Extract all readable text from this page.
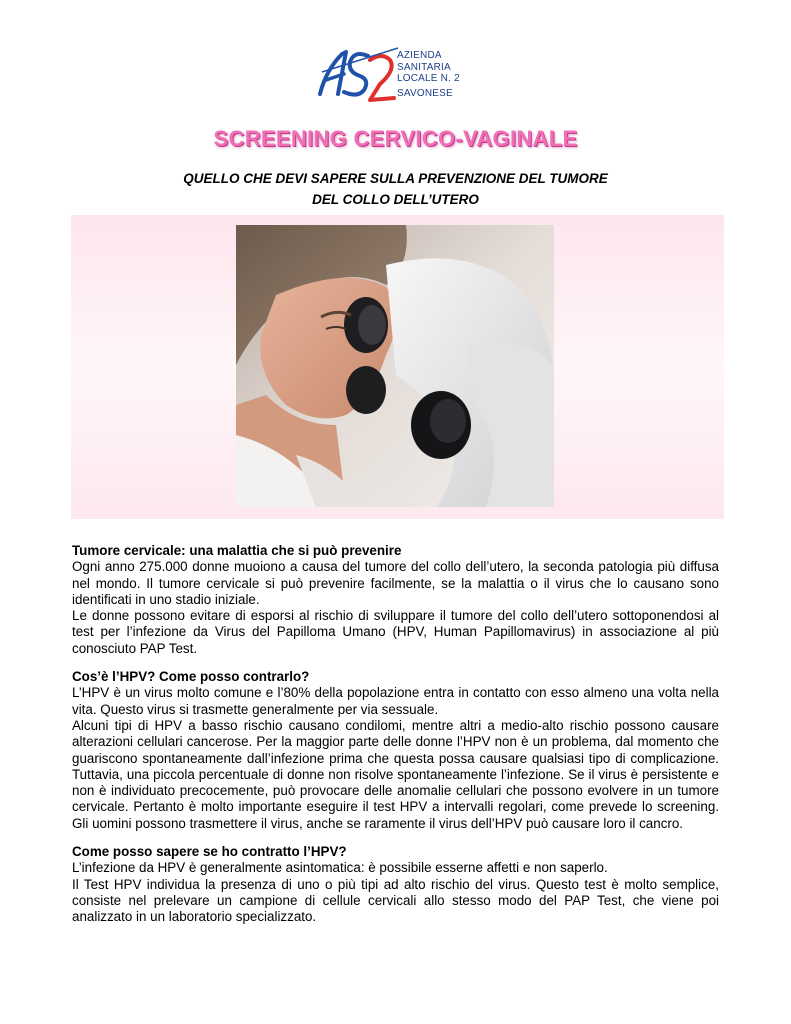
AZIENDA
SANITARIA
LOCALE N. 2
SAVONESE
SCREENING CERVICO-VAGINALE
QUELLO CHE DEVI SAPERE SULLA PREVENZIONE DEL TUMORE
DEL COLLO DELL’UTERO
Tumore cervicale: una malattia che si può prevenire

Ogni anno 275.000 donne muoiono a causa del tumore del collo dell’utero, la seconda patologia più diffusa nel mondo. Il tumore cervicale si può prevenire facilmente, se la malattia o il virus che lo causano sono identificati in uno stadio iniziale.

Le donne possono evitare di esporsi al rischio di sviluppare il tumore del collo dell’utero sottoponendosi al test per l’infezione da Virus del Papilloma Umano (HPV, Human Papillomavirus) in associazione al più conosciuto PAP Test.

Cos’è l’HPV? Come posso contrarlo?

L’HPV è un virus molto comune e l’80% della popolazione entra in contatto con esso almeno una volta nella vita. Questo virus si trasmette generalmente per via sessuale.

Alcuni tipi di HPV a basso rischio causano condilomi, mentre altri a medio-alto rischio possono causare alterazioni cellulari cancerose. Per la maggior parte delle donne l’HPV non è un problema, dal momento che guariscono spontaneamente dall’infezione prima che questa possa causare qualsiasi tipo di complicazione. Tuttavia, una piccola percentuale di donne non risolve spontaneamente l’infezione. Se il virus è persistente e non è individuato precocemente, può provocare delle anomalie cellulari che possono evolvere in un tumore cervicale. Pertanto è molto importante eseguire il test HPV a intervalli regolari, come prevede lo screening. Gli uomini possono trasmettere il virus, anche se raramente il virus dell’HPV può causare loro il cancro.

Come posso sapere se ho contratto l’HPV?

L’infezione da HPV è generalmente asintomatica: è possibile esserne affetti e non saperlo.

Il Test HPV individua la presenza di uno o più tipi ad alto rischio del virus. Questo test è molto semplice, consiste nel prelevare un campione di cellule cervicali allo stesso modo del PAP Test, che viene poi analizzato in un laboratorio specializzato.
